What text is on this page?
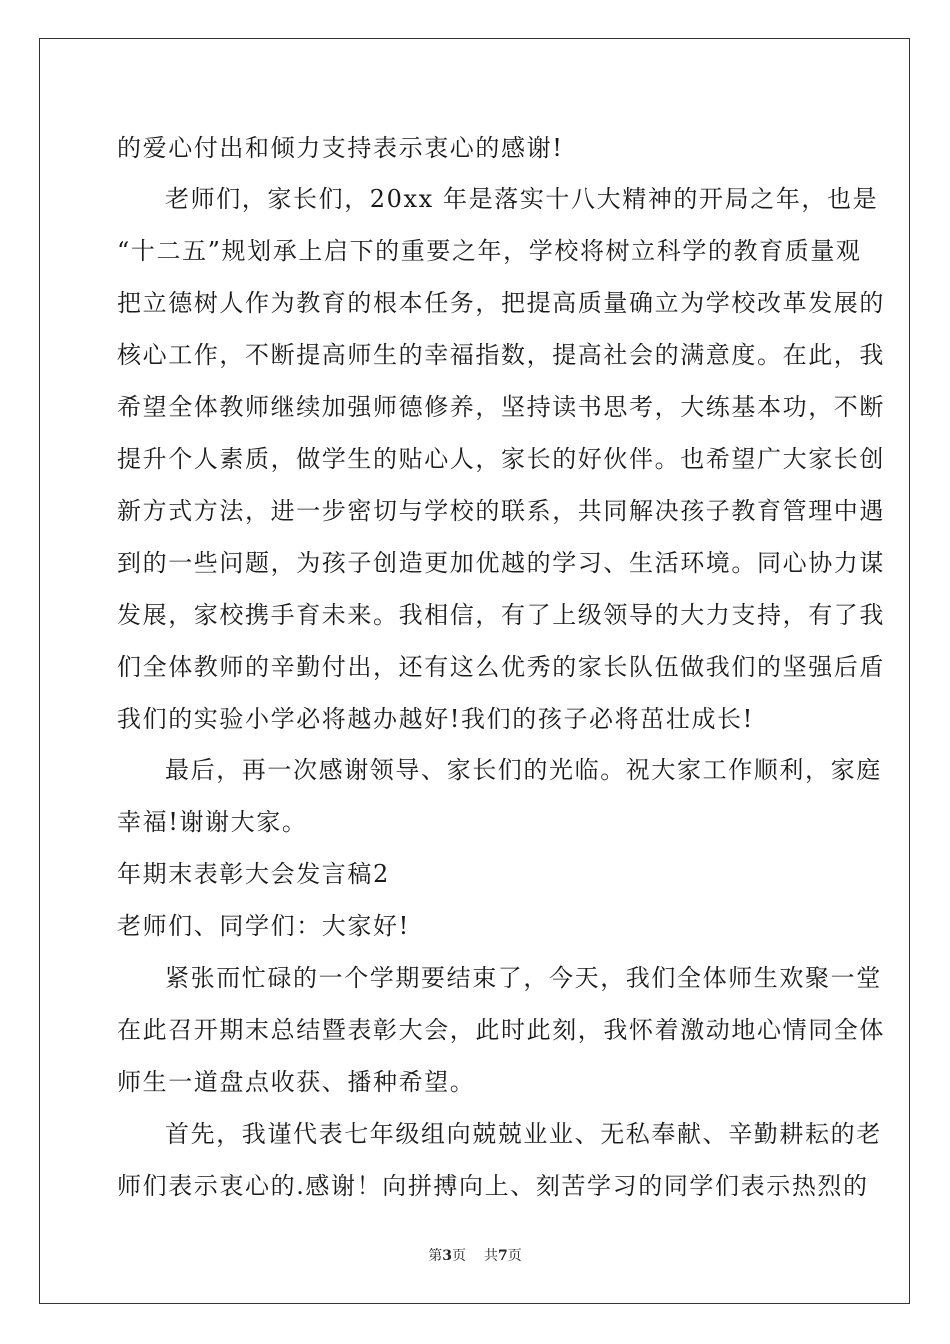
的爱心付出和倾力支持表示衷心的感谢!
老师们，家长们，20xx 年是落实十八大精神的开局之年，也是
“十二五”规划承上启下的重要之年，学校将树立科学的教育质量观
把立德树人作为教育的根本任务，把提高质量确立为学校改革发展的
核心工作，不断提高师生的幸福指数，提高社会的满意度。在此，我
希望全体教师继续加强师德修养，坚持读书思考，大练基本功，不断
提升个人素质，做学生的贴心人，家长的好伙伴。也希望广大家长创
新方式方法，进一步密切与学校的联系，共同解决孩子教育管理中遇
到的一些问题，为孩子创造更加优越的学习、生活环境。同心协力谋
发展，家校携手育未来。我相信，有了上级领导的大力支持，有了我
们全体教师的辛勤付出，还有这么优秀的家长队伍做我们的坚强后盾
我们的实验小学必将越办越好!我们的孩子必将茁壮成长!
最后，再一次感谢领导、家长们的光临。祝大家工作顺利，家庭
幸福!谢谢大家。
年期末表彰大会发言稿2
老师们、同学们：大家好!
紧张而忙碌的一个学期要结束了，今天，我们全体师生欢聚一堂
在此召开期末总结暨表彰大会，此时此刻，我怀着激动地心情同全体
师生一道盘点收获、播种希望。
首先，我谨代表七年级组向兢兢业业、无私奉献、辛勤耕耘的老
师们表示衷心的.感谢！向拼搏向上、刻苦学习的同学们表示热烈的
第3页 共7页
